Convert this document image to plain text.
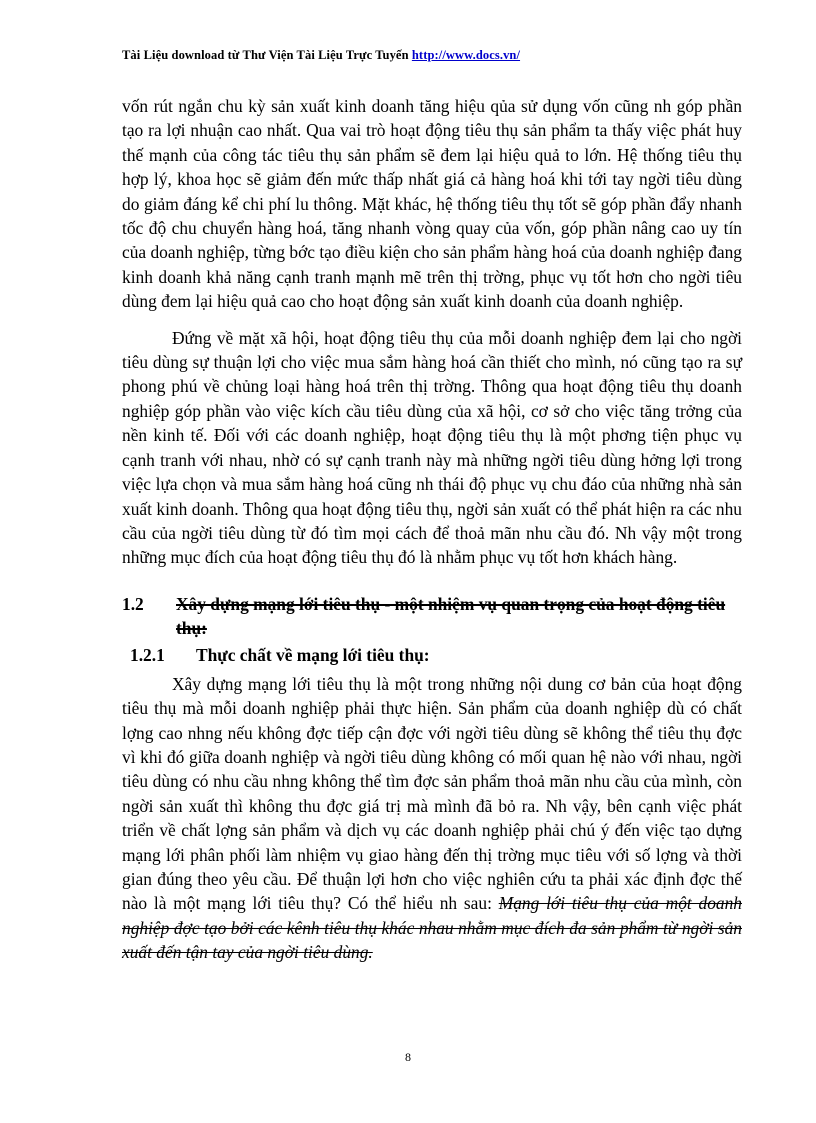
Tài Liệu download từ Thư Viện Tài Liệu Trực Tuyến http://www.docs.vn/

vốn rút ngắn chu kỳ sản xuất kinh doanh tăng hiệu qủa sử dụng vốn cũng nh góp phần tạo ra lợi nhuận cao nhất. Qua vai trò hoạt động tiêu thụ sản phẩm ta thấy việc phát huy thế mạnh của công tác tiêu thụ sản phẩm sẽ đem lại hiệu quả to lớn. Hệ thống tiêu thụ hợp lý, khoa học sẽ giảm đến mức thấp nhất giá cả hàng hoá khi tới tay ngời tiêu dùng do giảm đáng kể chi phí lu thông. Mặt khác, hệ thống tiêu thụ tốt sẽ góp phần đẩy nhanh tốc độ chu chuyển hàng hoá, tăng nhanh vòng quay của vốn, góp phần nâng cao uy tín của doanh nghiệp, từng bớc tạo điều kiện cho sản phẩm hàng hoá của doanh nghiệp đang kinh doanh khả năng cạnh tranh mạnh mẽ trên thị trờng, phục vụ tốt hơn cho ngời tiêu dùng đem lại hiệu quả cao cho hoạt động sản xuất kinh doanh của doanh nghiệp.

Đứng về mặt xã hội, hoạt động tiêu thụ của mỗi doanh nghiệp đem lại cho ngời tiêu dùng sự thuận lợi cho việc mua sắm hàng hoá cần thiết cho mình, nó cũng tạo ra sự phong phú về chủng loại hàng hoá trên thị trờng. Thông qua hoạt động tiêu thụ doanh nghiệp góp phần vào việc kích cầu tiêu dùng của xã hội, cơ sở cho việc tăng trởng của nền kinh tế. Đối với các doanh nghiệp, hoạt động tiêu thụ là một phơng tiện phục vụ cạnh tranh với nhau, nhờ có sự cạnh tranh này mà những ngời tiêu dùng hởng lợi trong việc lựa chọn và mua sắm hàng hoá cũng nh thái độ phục vụ chu đáo của những nhà sản xuất kinh doanh. Thông qua hoạt động tiêu thụ, ngời sản xuất có thể phát hiện ra các nhu cầu của ngời tiêu dùng từ đó tìm mọi cách để thoả mãn nhu cầu đó. Nh vậy một trong những mục đích của hoạt động tiêu thụ đó là nhằm phục vụ tốt hơn khách hàng.

1.2 Xây dựng mạng lới tiêu thụ - một nhiệm vụ quan trọng của hoạt động tiêu thụ:
1.2.1 Thực chất về mạng lới tiêu thụ:

Xây dựng mạng lới tiêu thụ là một trong những nội dung cơ bản của hoạt động tiêu thụ mà mỗi doanh nghiệp phải thực hiện. Sản phẩm của doanh nghiệp dù có chất lợng cao nhng nếu không đợc tiếp cận đợc với ngời tiêu dùng sẽ không thể tiêu thụ đợc vì khi đó giữa doanh nghiệp và ngời tiêu dùng không có mối quan hệ nào với nhau, ngời tiêu dùng có nhu cầu nhng không thể tìm đợc sản phẩm thoả mãn nhu cầu của mình, còn ngời sản xuất thì không thu đợc giá trị mà mình đã bỏ ra. Nh vậy, bên cạnh việc phát triển về chất lợng sản phẩm và dịch vụ các doanh nghiệp phải chú ý đến việc tạo dựng mạng lới phân phối làm nhiệm vụ giao hàng đến thị trờng mục tiêu với số lợng và thời gian đúng theo yêu cầu. Để thuận lợi hơn cho việc nghiên cứu ta phải xác định đợc thế nào là một mạng lới tiêu thụ? Có thể hiểu nh sau: Mạng lới tiêu thụ của một doanh nghiệp đợc tạo bởi các kênh tiêu thụ khác nhau nhằm mục đích đa sản phẩm từ ngời sản xuất đến tận tay của ngời tiêu dùng.

8
